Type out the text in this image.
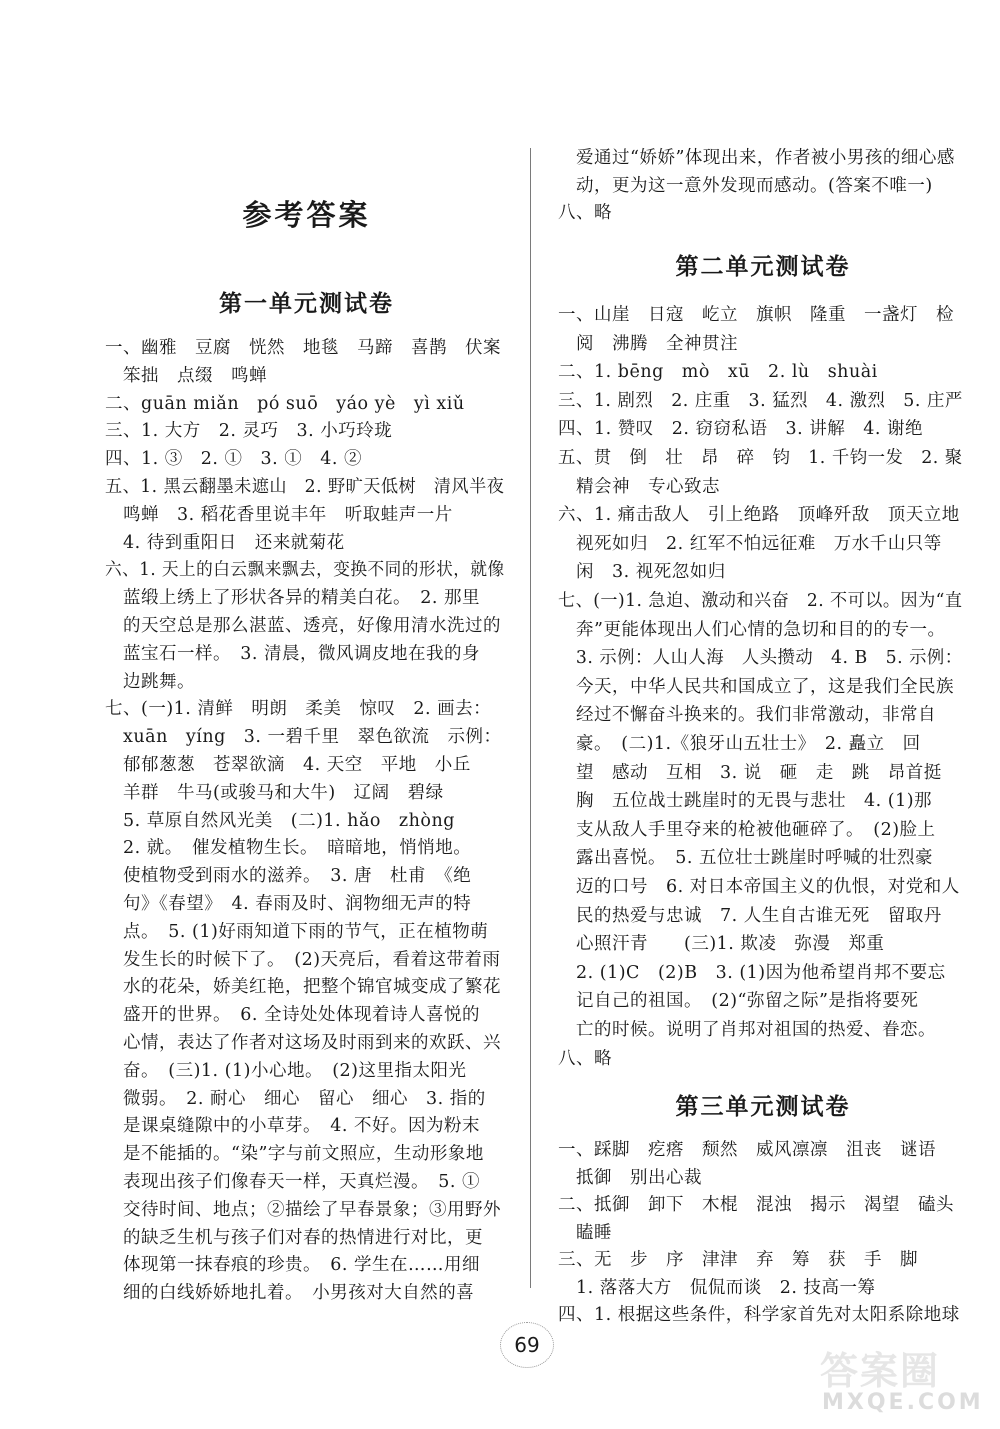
参考答案
第一单元测试卷
一、幽雅　豆腐　恍然　地毯　马蹄　喜鹊　伏案
　笨拙　点缀　鸣蝉
二、guān miǎn　pó suō　yáo yè　yì xiǔ
三、1. 大方　2. 灵巧　3. 小巧玲珑
四、1. ③　2. ①　3. ①　4. ②
五、1. 黑云翻墨未遮山　2. 野旷天低树　清风半夜
　鸣蝉　3. 稻花香里说丰年　听取蛙声一片
　4. 待到重阳日　还来就菊花
六、1. 天上的白云飘来飘去，变换不同的形状，就像
　蓝缎上绣上了形状各异的精美白花。　2. 那里
　的天空总是那么湛蓝、透亮，好像用清水洗过的
　蓝宝石一样。　3. 清晨，微风调皮地在我的身
　边跳舞。
七、(一)1. 清鲜　明朗　柔美　惊叹　2. 画去：
　xuān　yíng　3. 一碧千里　翠色欲流　示例：
　郁郁葱葱　苍翠欲滴　4. 天空　平地　小丘
　羊群　牛马(或骏马和大牛)　辽阔　碧绿
　5. 草原自然风光美　(二)1. hǎo　zhòng
　2. 就。　催发植物生长。　暗暗地，悄悄地。
　使植物受到雨水的滋养。　3. 唐　杜甫　《绝
　句》《春望》　4. 春雨及时、润物细无声的特
　点。　5. (1)好雨知道下雨的节气，正在植物萌
　发生长的时候下了。　(2)天亮后，看着这带着雨
　水的花朵，娇美红艳，把整个锦官城变成了繁花
　盛开的世界。　6. 全诗处处体现着诗人喜悦的
　心情，表达了作者对这场及时雨到来的欢跃、兴
　奋。　(三)1. (1)小心地。　(2)这里指太阳光
　微弱。　2. 耐心　细心　留心　细心　3. 指的
　是课桌缝隙中的小草芽。　4. 不好。因为粉末
　是不能插的。“染”字与前文照应，生动形象地
　表现出孩子们像春天一样，天真烂漫。　5. ①
　交待时间、地点；②描绘了早春景象；③用野外
　的缺乏生机与孩子们对春的热情进行对比，更
　体现第一抹春痕的珍贵。　6. 学生在……用细
　细的白线娇娇地扎着。　小男孩对大自然的喜
　爱通过“娇娇”体现出来，作者被小男孩的细心感
　动，更为这一意外发现而感动。(答案不唯一)
八、略
第二单元测试卷
一、山崖　日寇　屹立　旗帜　隆重　一盏灯　检
　阅　沸腾　全神贯注
二、1. bēng　mò　xū　2. lù　shuài
三、1. 剧烈　2. 庄重　3. 猛烈　4. 激烈　5. 庄严
四、1. 赞叹　2. 窃窃私语　3. 讲解　4. 谢绝
五、贯　倒　壮　昂　碎　钧　1. 千钧一发　2. 聚
　精会神　专心致志
六、1. 痛击敌人　引上绝路　顶峰歼敌　顶天立地
　视死如归　2. 红军不怕远征难　万水千山只等
　闲　3. 视死忽如归
七、(一)1. 急迫、激动和兴奋　2. 不可以。因为“直
　奔”更能体现出人们心情的急切和目的的专一。
　3. 示例：人山人海　人头攒动　4. B　5. 示例：
　今天，中华人民共和国成立了，这是我们全民族
　经过不懈奋斗换来的。我们非常激动，非常自
　豪。　(二)1.《狼牙山五壮士》　2. 矗立　回
　望　感动　互相　3. 说　砸　走　跳　昂首挺
　胸　五位战士跳崖时的无畏与悲壮　4. (1)那
　支从敌人手里夺来的枪被他砸碎了。　(2)脸上
　露出喜悦。　5. 五位壮士跳崖时呼喊的壮烈豪
　迈的口号　6. 对日本帝国主义的仇恨，对党和人
　民的热爱与忠诚　7. 人生自古谁无死　留取丹
　心照汗青　　(三)1. 欺凌　弥漫　郑重
　2. (1)C　(2)B　3. (1)因为他希望肖邦不要忘
　记自己的祖国。　(2)“弥留之际”是指将要死
　亡的时候。说明了肖邦对祖国的热爱、眷恋。
八、略
第三单元测试卷
一、踩脚　疙瘩　颓然　威风凛凛　沮丧　谜语
　抵御　别出心裁
二、抵御　卸下　木棍　混浊　揭示　渴望　磕头
　瞌睡
三、无　步　序　津津　弃　筹　获　手　脚
　1. 落落大方　侃侃而谈　2. 技高一筹
四、1. 根据这些条件，科学家首先对太阳系除地球
69
答案圈
MXQE.COM
